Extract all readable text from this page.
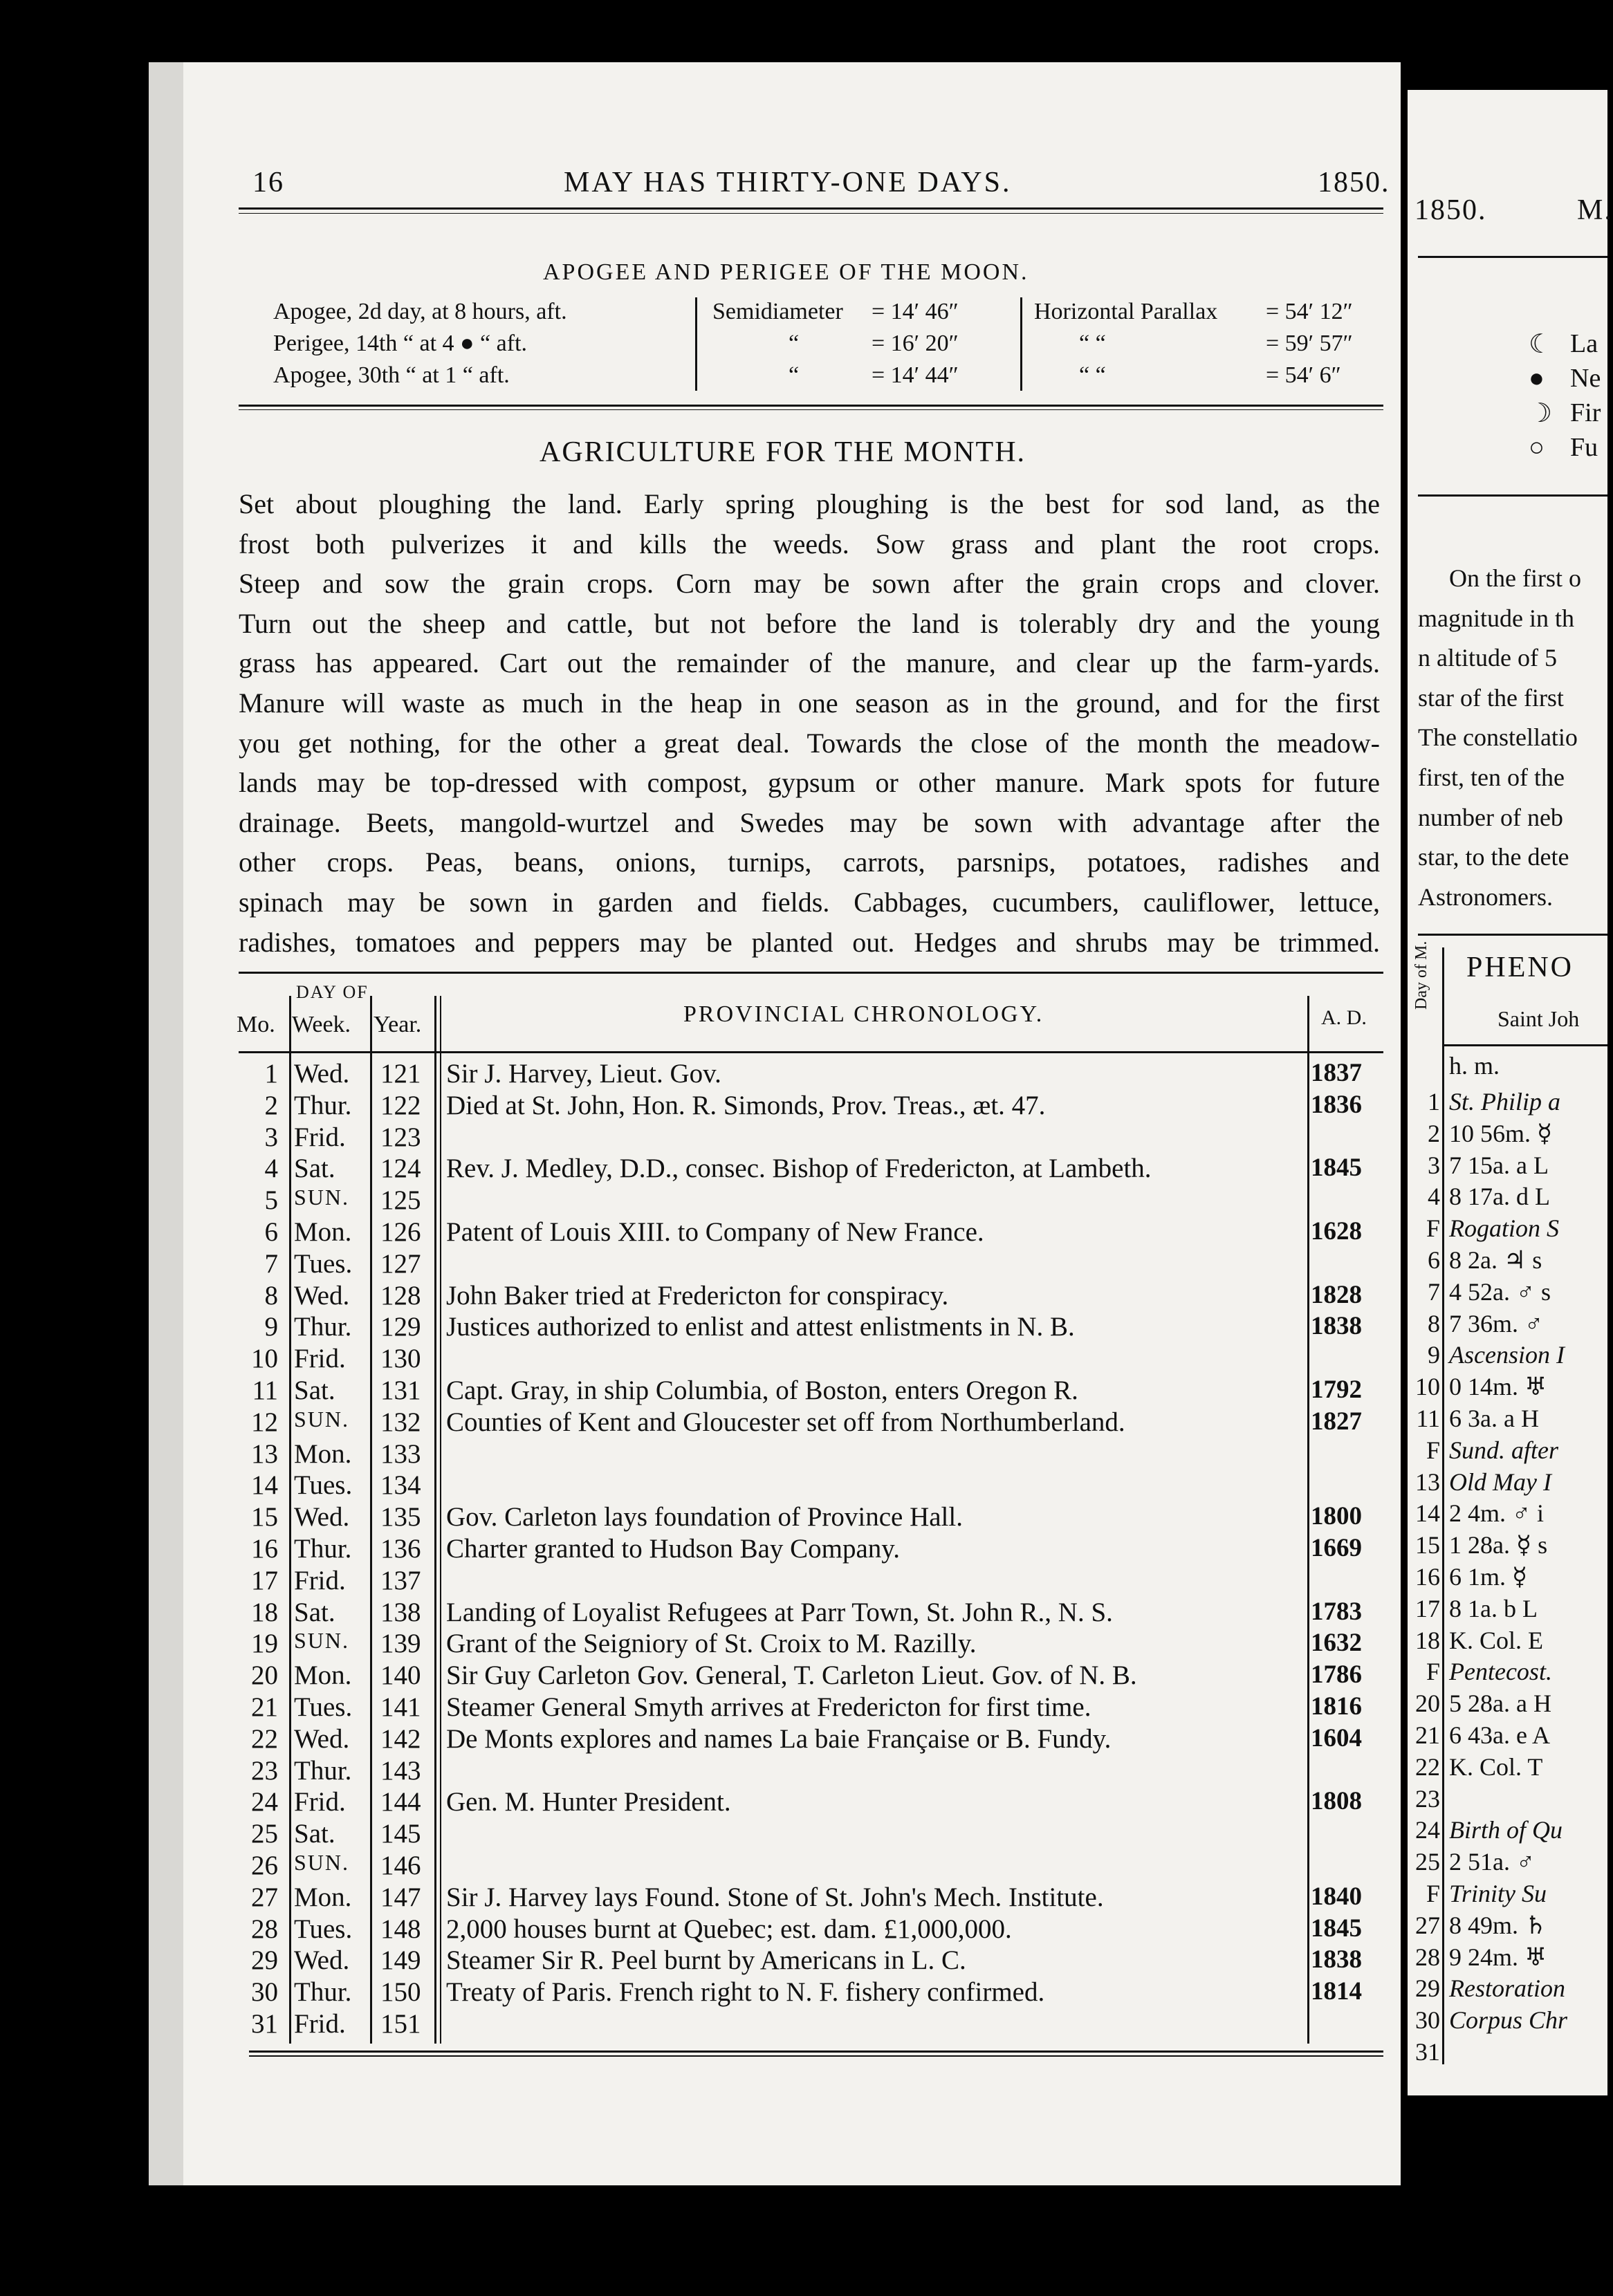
16	MAY HAS THIRTY-ONE DAYS.	1850.
APOGEE AND PERIGEE OF THE MOON.
Apogee, 2d day, at 8 hours, aft.	Semidiameter = 14′ 46″	Horizontal Parallax = 54′ 12″
Perigee, 14th “ at 4 ● “ aft.	“	= 16′ 20″	“ “	= 59′ 57″
Apogee, 30th “ at 1 “ aft.	“	= 14′ 44″	“ “	= 54′ 6″
AGRICULTURE FOR THE MONTH.
Set about ploughing the land. Early spring ploughing is the best for sod land, as the
frost both pulverizes it and kills the weeds. Sow grass and plant the root crops.
Steep and sow the grain crops. Corn may be sown after the grain crops and clover.
Turn out the sheep and cattle, but not before the land is tolerably dry and the young
grass has appeared. Cart out the remainder of the manure, and clear up the farm-yards.
Manure will waste as much in the heap in one season as in the ground, and for the first
you get nothing, for the other a great deal. Towards the close of the month the meadow-
lands may be top-dressed with compost, gypsum or other manure. Mark spots for future
drainage. Beets, mangold-wurtzel and Swedes may be sown with advantage after the
other crops. Peas, beans, onions, turnips, carrots, parsnips, potatoes, radishes and
spinach may be sown in garden and fields. Cabbages, cucumbers, cauliflower, lettuce,
radishes, tomatoes and peppers may be planted out. Hedges and shrubs may be trimmed.
DAY OF
Mo. Week. Year.	PROVINCIAL CHRONOLOGY.	A. D.
1 Wed. 121 Sir J. Harvey, Lieut. Gov.	1837
2 Thur. 122 Died at St. John, Hon. R. Simonds, Prov. Treas., æt. 47.	1836
3 Frid. 123
4 Sat. 124 Rev. J. Medley, D.D., consec. Bishop of Fredericton, at Lambeth.	1845
5 SUN. 125
6 Mon. 126 Patent of Louis XIII. to Company of New France.	1628
7 Tues. 127
8 Wed. 128 John Baker tried at Fredericton for conspiracy.	1828
9 Thur. 129 Justices authorized to enlist and attest enlistments in N. B.	1838
10 Frid. 130
11 Sat. 131 Capt. Gray, in ship Columbia, of Boston, enters Oregon R.	1792
12 SUN. 132 Counties of Kent and Gloucester set off from Northumberland.	1827
13 Mon. 133
14 Tues. 134
15 Wed. 135 Gov. Carleton lays foundation of Province Hall.	1800
16 Thur. 136 Charter granted to Hudson Bay Company.	1669
17 Frid. 137
18 Sat. 138 Landing of Loyalist Refugees at Parr Town, St. John R., N. S.	1783
19 SUN. 139 Grant of the Seigniory of St. Croix to M. Razilly.	1632
20 Mon. 140 Sir Guy Carleton Gov. General, T. Carleton Lieut. Gov. of N. B.	1786
21 Tues. 141 Steamer General Smyth arrives at Fredericton for first time.	1816
22 Wed. 142 De Monts explores and names La baie Française or B. Fundy.	1604
23 Thur. 143
24 Frid. 144 Gen. M. Hunter President.	1808
25 Sat. 145
26 SUN. 146
27 Mon. 147 Sir J. Harvey lays Found. Stone of St. John's Mech. Institute.	1840
28 Tues. 148 2,000 houses burnt at Quebec; est. dam. £1,000,000.	1845
29 Wed. 149 Steamer Sir R. Peel burnt by Americans in L. C.	1838
30 Thur. 150 Treaty of Paris. French right to N. F. fishery confirmed.	1814
31 Frid. 151
1850.	M.
☾ La
● Ne
☽ Fir
○ Fu
On the first o
magnitude in th
n altitude of 5
star of the first
The constellatio
first, ten of the
number of neb
star, to the dete
Astronomers.
Day of M. PHENO
Saint Joh
h. m.
1 St. Philip a
2 10 56m. ☿
3 7 15a. a L
4 8 17a. d L
F Rogation S
6 8 2a. ♃ s
7 4 52a. ♂ s
8 7 36m. ♂
9 Ascension I
10 0 14m. ♅
11 6 3a. a H
F Sund. after
13 Old May I
14 2 4m. ♂ i
15 1 28a. ☿ s
16 6 1m. ☿
17 8 1a. b L
18 K. Col. E
F Pentecost.
20 5 28a. a H
21 6 43a. e A
22 K. Col. T
23
24 Birth of Qu
25 2 51a. ♂
F Trinity Su
27 8 49m. ♄
28 9 24m. ♅
29 Restoration
30 Corpus Chr
31
